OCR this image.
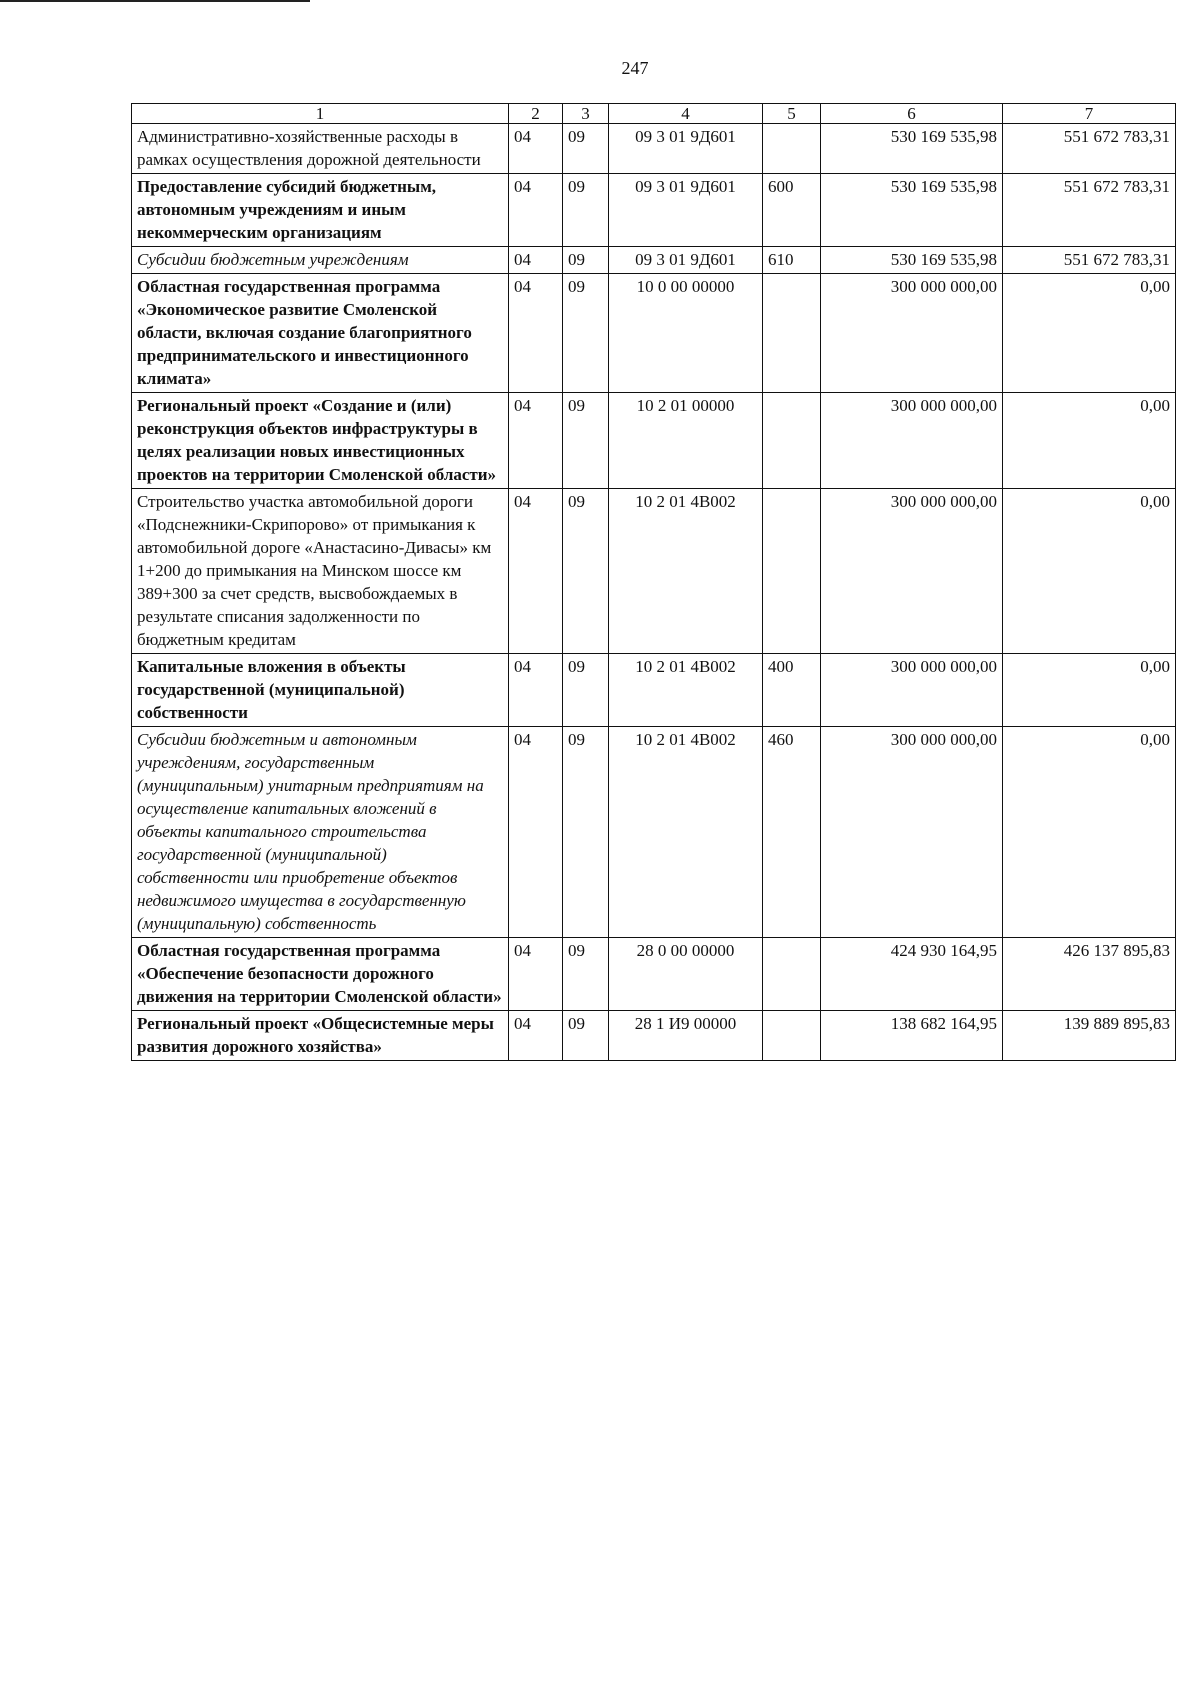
247
1	2	3	4	5	6	7
Административно-хозяйственные расходы в рамках осуществления дорожной деятельности	04	09	09 3 01 9Д601		530 169 535,98	551 672 783,31
Предоставление субсидий бюджетным, автономным учреждениям и иным некоммерческим организациям	04	09	09 3 01 9Д601	600	530 169 535,98	551 672 783,31
Субсидии бюджетным учреждениям	04	09	09 3 01 9Д601	610	530 169 535,98	551 672 783,31
Областная государственная программа «Экономическое развитие Смоленской области, включая создание благоприятного предпринимательского и инвестиционного климата»	04	09	10 0 00 00000		300 000 000,00	0,00
Региональный проект «Создание и (или) реконструкция объектов инфраструктуры в целях реализации новых инвестиционных проектов на территории Смоленской области»	04	09	10 2 01 00000		300 000 000,00	0,00
Строительство участка автомобильной дороги «Подснежники-Скрипорово» от примыкания к автомобильной дороге «Анастасино-Дивасы» км 1+200 до примыкания на Минском шоссе км 389+300 за счет средств, высвобождаемых в результате списания задолженности по бюджетным кредитам	04	09	10 2 01 4В002		300 000 000,00	0,00
Капитальные вложения в объекты государственной (муниципальной) собственности	04	09	10 2 01 4В002	400	300 000 000,00	0,00
Субсидии бюджетным и автономным учреждениям, государственным (муниципальным) унитарным предприятиям на осуществление капитальных вложений в объекты капитального строительства государственной (муниципальной) собственности или приобретение объектов недвижимого имущества в государственную (муниципальную) собственность	04	09	10 2 01 4В002	460	300 000 000,00	0,00
Областная государственная программа «Обеспечение безопасности дорожного движения на территории Смоленской области»	04	09	28 0 00 00000		424 930 164,95	426 137 895,83
Региональный проект «Общесистемные меры развития дорожного хозяйства»	04	09	28 1 И9 00000		138 682 164,95	139 889 895,83
